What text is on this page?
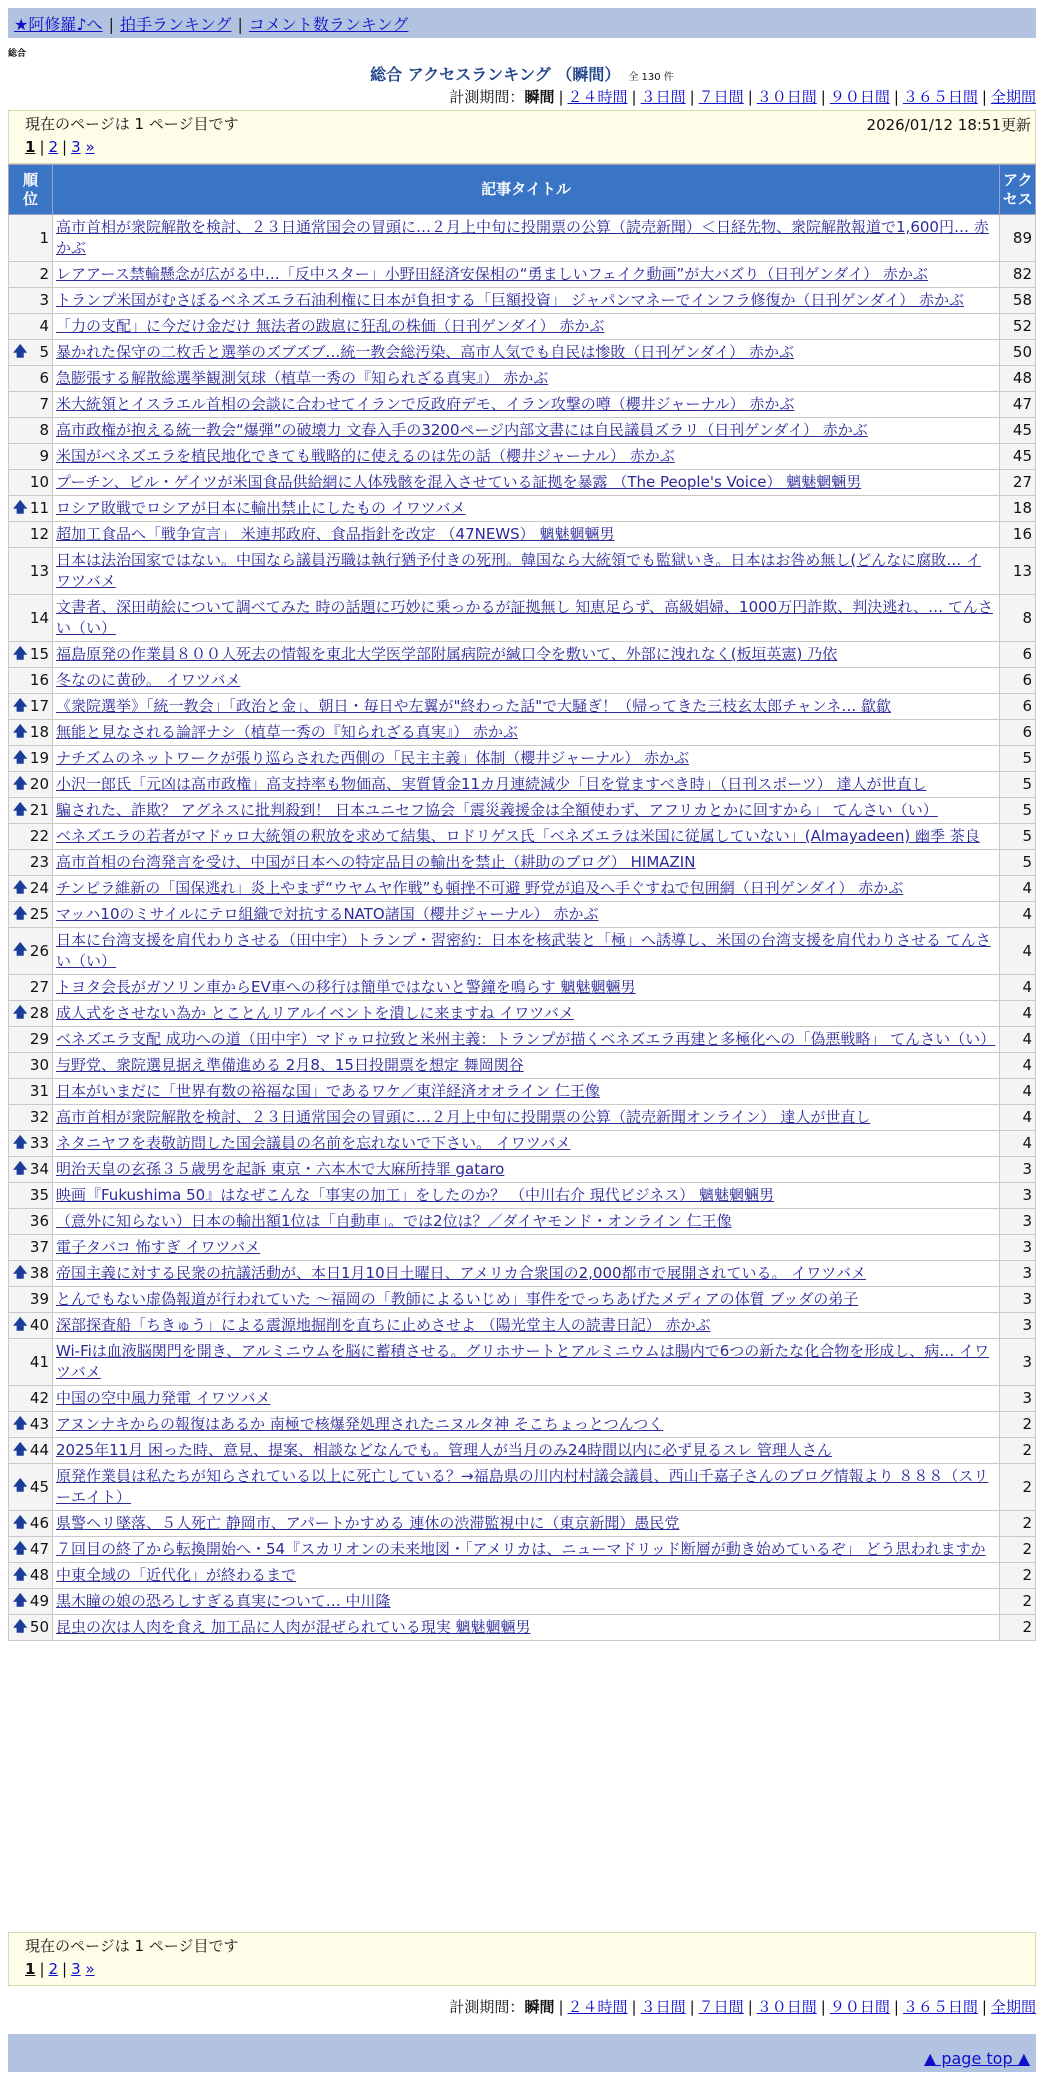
★阿修羅♪へ | 拍手ランキング | コメント数ランキング
総合
総合 アクセスランキング （瞬間） 全 130 件
計測期間：瞬間 | ２４時間 | ３日間 | ７日間 | ３０日間 | ９０日間 | ３６５日間 | 全期間
現在のページは 1 ページ目です	2026/01/12 18:51更新
1 | 2 | 3 »
順位	記事タイトル	アクセス
1	高市首相が衆院解散を検討、２３日通常国会の冒頭に…２月上中旬に投開票の公算（読売新聞）＜日経先物、衆院解散報道で1,600円… 赤かぶ	89
2	レアアース禁輸懸念が広がる中…「反中スター」小野田経済安保相の“勇ましいフェイク動画”が大バズり（日刊ゲンダイ） 赤かぶ	82
3	トランプ米国がむさぼるベネズエラ石油利権に日本が負担する「巨額投資」 ジャパンマネーでインフラ修復か（日刊ゲンダイ） 赤かぶ	58
4	「力の支配」に今だけ金だけ 無法者の跋扈に狂乱の株価（日刊ゲンダイ） 赤かぶ	52

🡅 5	暴かれた保守の二枚舌と選挙のズブズブ…統一教会総汚染、高市人気でも自民は惨敗（日刊ゲンダイ） 赤かぶ	50
6	急膨張する解散総選挙観測気球（植草一秀の『知られざる真実』） 赤かぶ	48
7	米大統領とイスラエル首相の会談に合わせてイランで反政府デモ、イラン攻撃の噂（櫻井ジャーナル） 赤かぶ	47
8	高市政権が抱える統一教会“爆弾”の破壊力 文春入手の3200ページ内部文書には自民議員ズラリ（日刊ゲンダイ） 赤かぶ	45
9	米国がベネズエラを植民地化できても戦略的に使えるのは先の話（櫻井ジャーナル） 赤かぶ	45
10	プーチン、ビル・ゲイツが米国食品供給網に人体残骸を混入させている証拠を暴露 （The People's Voice） 魑魅魍魎男	27

🡅 11	ロシア敗戦でロシアが日本に輸出禁止にしたもの イワツバメ	18
12	超加工食品へ「戦争宣言」 米連邦政府、食品指針を改定 （47NEWS） 魑魅魍魎男	16
13	日本は法治国家ではない。中国なら議員汚職は執行猶予付きの死刑。韓国なら大統領でも監獄いき。日本はお咎め無し(どんなに腐敗… イワツバメ	13
14	文書者、深田萌絵について調べてみた 時の話題に巧妙に乗っかるが証拠無し 知恵足らず、高級娼婦、1000万円詐欺、判決逃れ、… てんさい（い）	8

🡅 15	福島原発の作業員８００人死去の情報を東北大学医学部附属病院が緘口令を敷いて、外部に洩れなく(板垣英憲) 乃依	6
16	冬なのに黄砂。 イワツバメ	6

🡅 17	《衆院選挙》「統一教会」「政治と金」、朝日・毎日や左翼が"終わった話"で大騒ぎ！（帰ってきた三枝玄太郎チャンネ… 歙歙	6

🡅 18	無能と見なされる論評ナシ（植草一秀の『知られざる真実』） 赤かぶ	6

🡅 19	ナチズムのネットワークが張り巡らされた西側の「民主主義」体制（櫻井ジャーナル） 赤かぶ	5

🡅 20	小沢一郎氏「元凶は高市政権」高支持率も物価高、実質賃金11カ月連続減少「目を覚ますべき時」（日刊スポーツ） 達人が世直し	5

🡅 21	騙された、詐欺？ アグネスに批判殺到！ 日本ユニセフ協会「震災義援金は全額使わず、アフリカとかに回すから」 てんさい（い）	5
22	ベネズエラの若者がマドゥロ大統領の釈放を求めて結集、ロドリゲス氏「ベネズエラは米国に従属していない」(Almayadeen) 幽季 茶良	5
23	高市首相の台湾発言を受け、中国が日本への特定品目の輸出を禁止（耕助のブログ） HIMAZIN	5

🡅 24	チンピラ維新の「国保逃れ」炎上やまず“ウヤムヤ作戦”も頓挫不可避 野党が追及へ手ぐすねで包囲網（日刊ゲンダイ） 赤かぶ	4

🡅 25	マッハ10のミサイルにテロ組織で対抗するNATO諸国（櫻井ジャーナル） 赤かぶ	4

🡅 26	日本に台湾支援を肩代わりさせる（田中宇）トランプ・習密約：日本を核武装と「極」へ誘導し、米国の台湾支援を肩代わりさせる てんさい（い）	4
27	トヨタ会長がガソリン車からEV車への移行は簡単ではないと警鐘を鳴らす 魑魅魍魎男	4

🡅 28	成人式をさせない為か とことんリアルイベントを潰しに来ますね イワツバメ	4
29	ベネズエラ支配 成功への道（田中宇）マドゥロ拉致と米州主義：トランプが描くベネズエラ再建と多極化への「偽悪戦略」 てんさい（い）	4
30	与野党、衆院選見据え準備進める 2月8、15日投開票を想定 舞岡関谷	4
31	日本がいまだに「世界有数の裕福な国」であるワケ／東洋経済オオライン 仁王像	4
32	高市首相が衆院解散を検討、２３日通常国会の冒頭に…２月上中旬に投開票の公算（読売新聞オンライン） 達人が世直し	4

🡅 33	ネタニヤフを表敬訪問した国会議員の名前を忘れないで下さい。 イワツバメ	4

🡅 34	明治天皇の玄孫３５歳男を起訴 東京・六本木で大麻所持罪 gataro	3
35	映画『Fukushima 50』はなぜこんな「事実の加工」をしたのか？ （中川右介 現代ビジネス） 魑魅魍魎男	3
36	（意外に知らない）日本の輸出額1位は「自動車」。では2位は？／ダイヤモンド・オンライン 仁王像	3
37	電子タバコ 怖すぎ イワツバメ	3

🡅 38	帝国主義に対する民衆の抗議活動が、本日1月10日土曜日、アメリカ合衆国の2,000都市で展開されている。 イワツバメ	3
39	とんでもない虚偽報道が行われていた ～福岡の「教師によるいじめ」事件をでっちあげたメディアの体質 ブッダの弟子	3

🡅 40	深部探査船「ちきゅう」による震源地掘削を直ちに止めさせよ （陽光堂主人の読書日記） 赤かぶ	3
41	Wi-Fiは血液脳関門を開き、アルミニウムを脳に蓄積させる。グリホサートとアルミニウムは腸内で6つの新たな化合物を形成し、病… イワツバメ	3
42	中国の空中風力発電 イワツバメ	3

🡅 43	アヌンナキからの報復はあるか 南極で核爆発処理されたニヌルタ神 そこちょっとつんつく	2

🡅 44	2025年11月 困った時、意見、提案、相談などなんでも。管理人が当月のみ24時間以内に必ず見るスレ 管理人さん	2

🡅 45	原発作業員は私たちが知らされている以上に死亡している？→福島県の川内村村議会議員、西山千嘉子さんのブログ情報より ８８８（スリーエイト）	2

🡅 46	県警ヘリ墜落、５人死亡 静岡市、アパートかすめる 連休の渋滞監視中に（東京新聞）愚民党	2

🡅 47	７回目の終了から転換開始へ・54『スカリオンの未来地図・「アメリカは、ニューマドリッド断層が動き始めているぞ」 どう思われますか	2

🡅 48	中東全域の「近代化」が終わるまで	2

🡅 49	黒木瞳の娘の恐ろしすぎる真実について… 中川隆	2

🡅 50	昆虫の次は人肉を食え 加工品に人肉が混ぜられている現実 魑魅魍魎男	2
現在のページは 1 ページ目です
1 | 2 | 3 »
計測期間：瞬間 | ２４時間 | ３日間 | ７日間 | ３０日間 | ９０日間 | ３６５日間 | 全期間
▲ page top ▲
